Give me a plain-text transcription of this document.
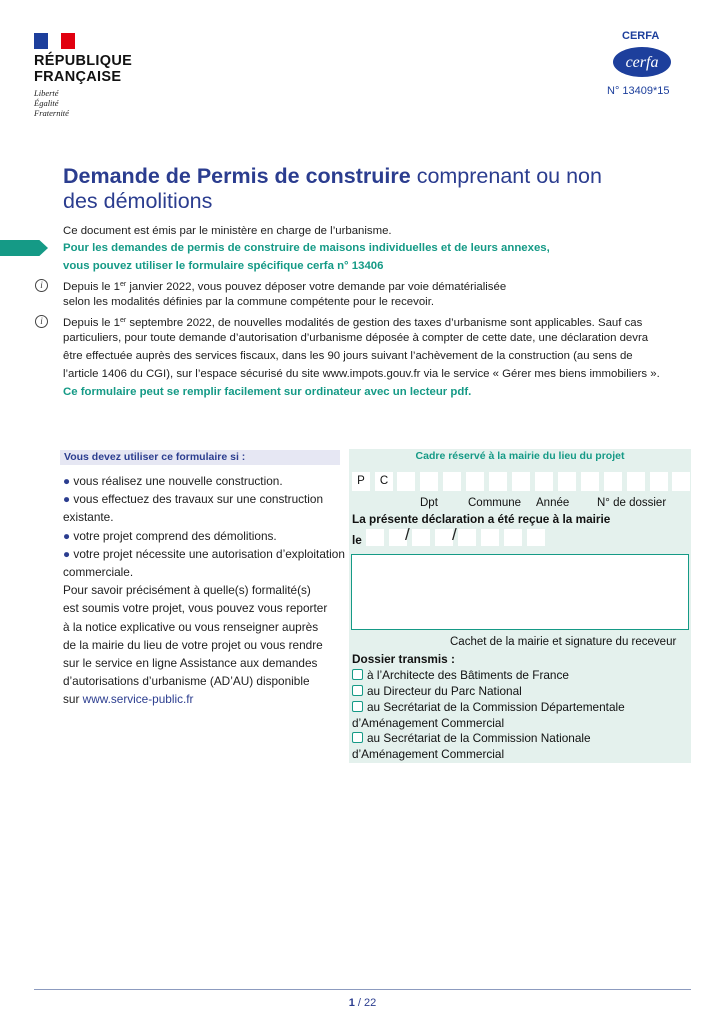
RÉPUBLIQUE
FRANÇAISE
Liberté
Égalité
Fraternité
CERFA
cerfa
N° 13409*15
Demande de Permis de construire comprenant ou non
des démolitions
Ce document est émis par le ministère en charge de l’urbanisme.
Pour les demandes de permis de construire de maisons individuelles et de leurs annexes,
vous pouvez utiliser le formulaire spécifique cerfa n° 13406
i	Depuis le 1er janvier 2022, vous pouvez déposer votre demande par voie dématérialisée
selon les modalités définies par la commune compétente pour le recevoir.
i	Depuis le 1er septembre 2022, de nouvelles modalités de gestion des taxes d’urbanisme sont applicables. Sauf cas
particuliers, pour toute demande d’autorisation d’urbanisme déposée à compter de cette date, une déclaration devra
être effectuée auprès des services fiscaux, dans les 90 jours suivant l’achèvement de la construction (au sens de
l’article 1406 du CGI), sur l’espace sécurisé du site www.impots.gouv.fr via le service « Gérer mes biens immobiliers ».
Ce formulaire peut se remplir facilement sur ordinateur avec un lecteur pdf.
Vous devez utiliser ce formulaire si :

● vous réalisez une nouvelle construction.

● vous effectuez des travaux sur une construction

existante.

● votre projet comprend des démolitions.

● votre projet nécessite une autorisation d’exploitation

commerciale.

Pour savoir précisément à quelle(s) formalité(s)

est soumis votre projet, vous pouvez vous reporter

à la notice explicative ou vous renseigner auprès

de la mairie du lieu de votre projet ou vous rendre

sur le service en ligne Assistance aux demandes

d’autorisations d’urbanisme (AD’AU) disponible

sur www.service-public.fr

Cadre réservé à la mairie du lieu du projet
P	C
Dpt	Commune Année N° de dossier
La présente déclaration a été reçue à la mairie
le	/ /
Cachet de la mairie et signature du receveur
Dossier transmis :
à l’Architecte des Bâtiments de France
au Directeur du Parc National
au Secrétariat de la Commission Départementale
d’Aménagement Commercial
au Secrétariat de la Commission Nationale
d’Aménagement Commercial
1 / 22
